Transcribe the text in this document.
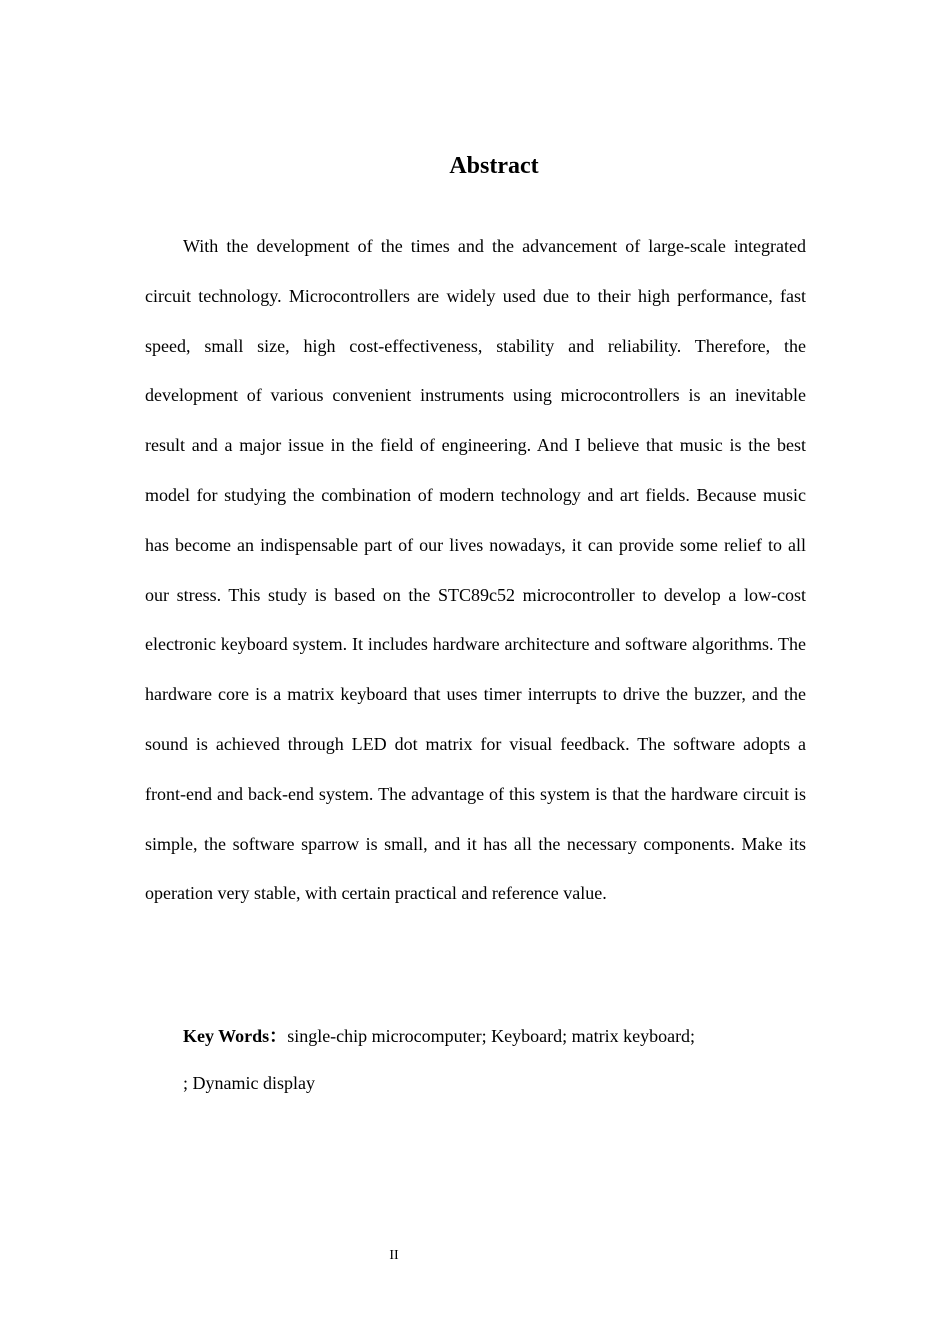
Abstract

With the development of the times and the advancement of large-scale integrated circuit technology. Microcontrollers are widely used due to their high performance, fast speed, small size, high cost-effectiveness, stability and reliability. Therefore, the development of various convenient instruments using microcontrollers is an inevitable result and a major issue in the field of engineering. And I believe that music is the best model for studying the combination of modern technology and art fields. Because music has become an indispensable part of our lives nowadays, it can provide some relief to all our stress. This study is based on the STC89c52 microcontroller to develop a low-cost electronic keyboard system. It includes hardware architecture and software algorithms. The hardware core is a matrix keyboard that uses timer interrupts to drive the buzzer, and the sound is achieved through LED dot matrix for visual feedback. The software adopts a front-end and back-end system. The advantage of this system is that the hardware circuit is simple, the software sparrow is small, and it has all the necessary components. Make its operation very stable, with certain practical and reference value.

Key Words：single-chip microcomputer; Keyboard; matrix keyboard;
; Dynamic display
II
